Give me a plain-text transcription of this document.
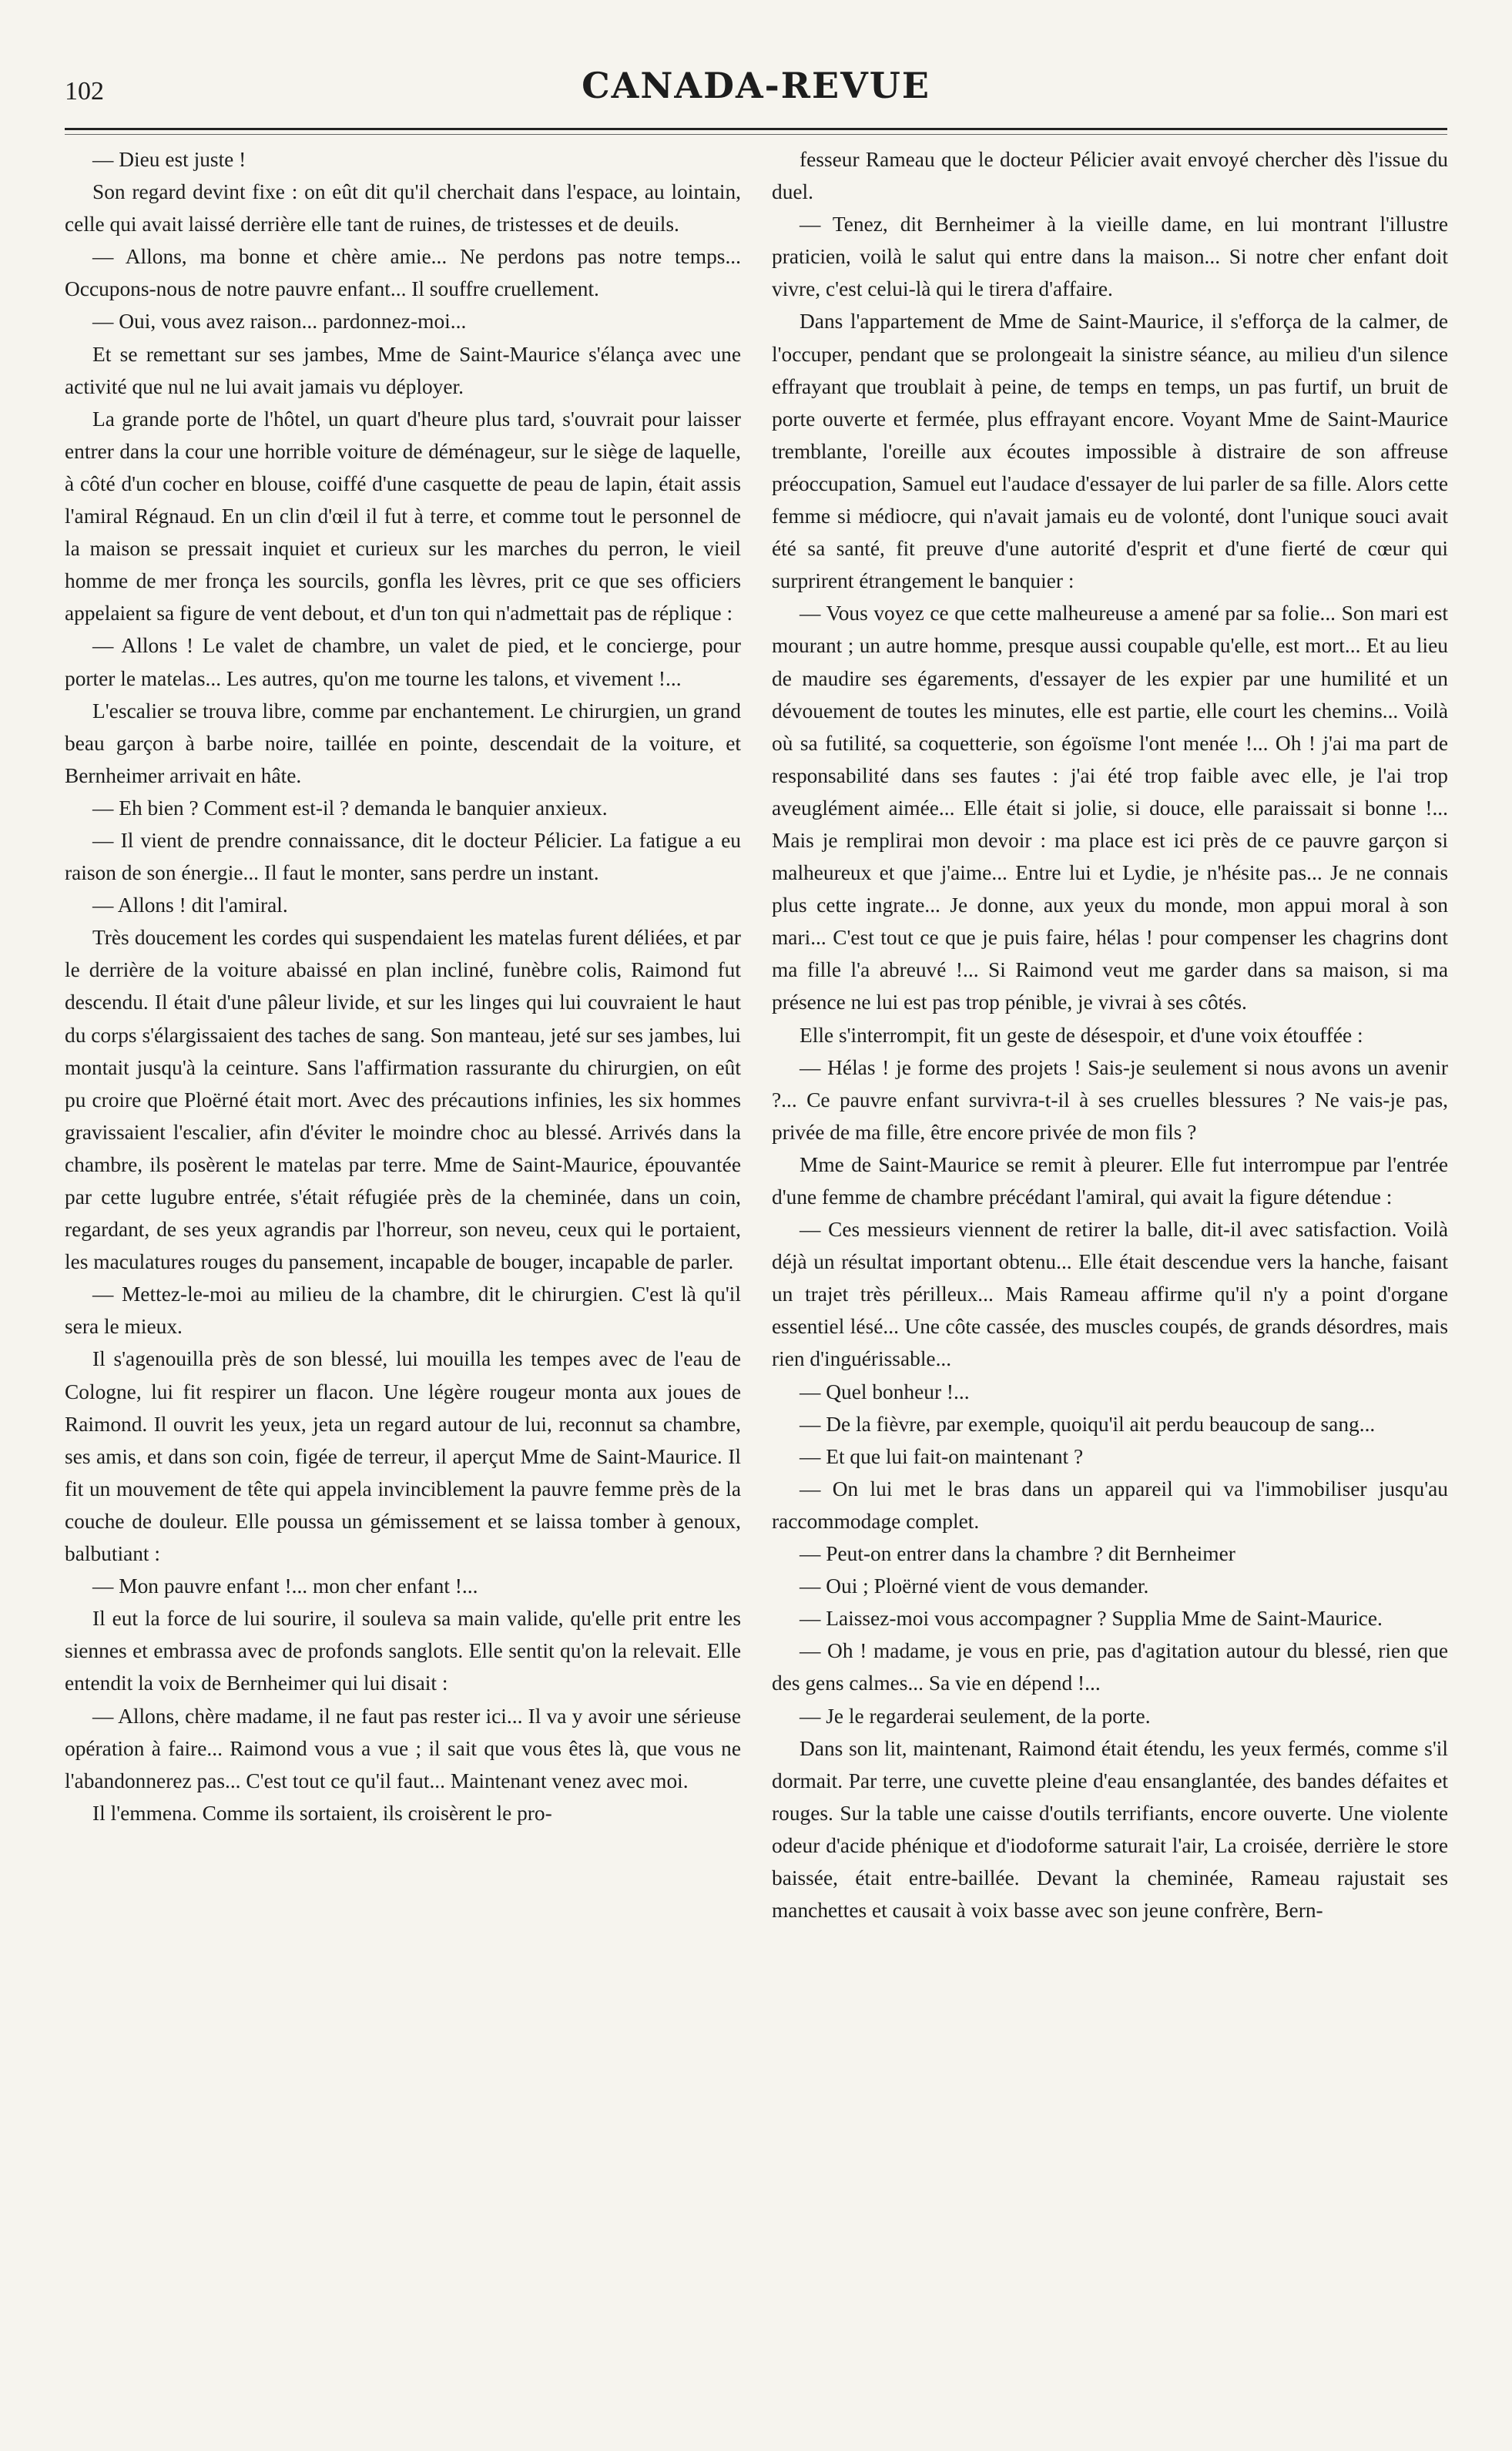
102	CANADA-REVUE

— Dieu est juste !

Son regard devint fixe : on eût dit qu'il cherchait dans l'espace, au lointain, celle qui avait laissé derrière elle tant de ruines, de tristesses et de deuils.

— Allons, ma bonne et chère amie... Ne perdons pas notre temps... Occupons-nous de notre pauvre enfant... Il souffre cruellement.

— Oui, vous avez raison... pardonnez-moi...

Et se remettant sur ses jambes, Mme de Saint-Maurice s'élança avec une activité que nul ne lui avait jamais vu déployer.

La grande porte de l'hôtel, un quart d'heure plus tard, s'ouvrait pour laisser entrer dans la cour une horrible voiture de déménageur, sur le siège de laquelle, à côté d'un cocher en blouse, coiffé d'une casquette de peau de lapin, était assis l'amiral Régnaud. En un clin d'œil il fut à terre, et comme tout le personnel de la maison se pressait inquiet et curieux sur les marches du perron, le vieil homme de mer fronça les sourcils, gonfla les lèvres, prit ce que ses officiers appelaient sa figure de vent debout, et d'un ton qui n'admettait pas de réplique :

— Allons ! Le valet de chambre, un valet de pied, et le concierge, pour porter le matelas... Les autres, qu'on me tourne les talons, et vivement !...

L'escalier se trouva libre, comme par enchantement. Le chirurgien, un grand beau garçon à barbe noire, taillée en pointe, descendait de la voiture, et Bernheimer arrivait en hâte.

— Eh bien ? Comment est-il ? demanda le banquier anxieux.

— Il vient de prendre connaissance, dit le docteur Pélicier. La fatigue a eu raison de son énergie... Il faut le monter, sans perdre un instant.

— Allons ! dit l'amiral.

Très doucement les cordes qui suspendaient les matelas furent déliées, et par le derrière de la voiture abaissé en plan incliné, funèbre colis, Raimond fut descendu. Il était d'une pâleur livide, et sur les linges qui lui couvraient le haut du corps s'élargissaient des taches de sang. Son manteau, jeté sur ses jambes, lui montait jusqu'à la ceinture. Sans l'affirmation rassurante du chirurgien, on eût pu croire que Ploërné était mort. Avec des précautions infinies, les six hommes gravissaient l'escalier, afin d'éviter le moindre choc au blessé. Arrivés dans la chambre, ils posèrent le matelas par terre. Mme de Saint-Maurice, épouvantée par cette lugubre entrée, s'était réfugiée près de la cheminée, dans un coin, regardant, de ses yeux agrandis par l'horreur, son neveu, ceux qui le portaient, les maculatures rouges du pansement, incapable de bouger, incapable de parler.

— Mettez-le-moi au milieu de la chambre, dit le chirurgien. C'est là qu'il sera le mieux.

Il s'agenouilla près de son blessé, lui mouilla les tempes avec de l'eau de Cologne, lui fit respirer un flacon. Une légère rougeur monta aux joues de Raimond. Il ouvrit les yeux, jeta un regard autour de lui, reconnut sa chambre, ses amis, et dans son coin, figée de terreur, il aperçut Mme de Saint-Maurice. Il fit un mouvement de tête qui appela invinciblement la pauvre femme près de la couche de douleur. Elle poussa un gémissement et se laissa tomber à genoux, balbutiant :

— Mon pauvre enfant !... mon cher enfant !...

Il eut la force de lui sourire, il souleva sa main valide, qu'elle prit entre les siennes et embrassa avec de profonds sanglots. Elle sentit qu'on la relevait. Elle entendit la voix de Bernheimer qui lui disait :

— Allons, chère madame, il ne faut pas rester ici... Il va y avoir une sérieuse opération à faire... Raimond vous a vue ; il sait que vous êtes là, que vous ne l'abandonnerez pas... C'est tout ce qu'il faut... Maintenant venez avec moi.

Il l'emmena. Comme ils sortaient, ils croisèrent le pro-

fesseur Rameau que le docteur Pélicier avait envoyé chercher dès l'issue du duel.

— Tenez, dit Bernheimer à la vieille dame, en lui montrant l'illustre praticien, voilà le salut qui entre dans la maison... Si notre cher enfant doit vivre, c'est celui-là qui le tirera d'affaire.

Dans l'appartement de Mme de Saint-Maurice, il s'efforça de la calmer, de l'occuper, pendant que se prolongeait la sinistre séance, au milieu d'un silence effrayant que troublait à peine, de temps en temps, un pas furtif, un bruit de porte ouverte et fermée, plus effrayant encore. Voyant Mme de Saint-Maurice tremblante, l'oreille aux écoutes impossible à distraire de son affreuse préoccupation, Samuel eut l'audace d'essayer de lui parler de sa fille. Alors cette femme si médiocre, qui n'avait jamais eu de volonté, dont l'unique souci avait été sa santé, fit preuve d'une autorité d'esprit et d'une fierté de cœur qui surprirent étrangement le banquier :

— Vous voyez ce que cette malheureuse a amené par sa folie... Son mari est mourant ; un autre homme, presque aussi coupable qu'elle, est mort... Et au lieu de maudire ses égarements, d'essayer de les expier par une humilité et un dévouement de toutes les minutes, elle est partie, elle court les chemins... Voilà où sa futilité, sa coquetterie, son égoïsme l'ont menée !... Oh ! j'ai ma part de responsabilité dans ses fautes : j'ai été trop faible avec elle, je l'ai trop aveuglément aimée... Elle était si jolie, si douce, elle paraissait si bonne !... Mais je remplirai mon devoir : ma place est ici près de ce pauvre garçon si malheureux et que j'aime... Entre lui et Lydie, je n'hésite pas... Je ne connais plus cette ingrate... Je donne, aux yeux du monde, mon appui moral à son mari... C'est tout ce que je puis faire, hélas ! pour compenser les chagrins dont ma fille l'a abreuvé !... Si Raimond veut me garder dans sa maison, si ma présence ne lui est pas trop pénible, je vivrai à ses côtés.

Elle s'interrompit, fit un geste de désespoir, et d'une voix étouffée :

— Hélas ! je forme des projets ! Sais-je seulement si nous avons un avenir ?... Ce pauvre enfant survivra-t-il à ses cruelles blessures ? Ne vais-je pas, privée de ma fille, être encore privée de mon fils ?

Mme de Saint-Maurice se remit à pleurer. Elle fut interrompue par l'entrée d'une femme de chambre précédant l'amiral, qui avait la figure détendue :

— Ces messieurs viennent de retirer la balle, dit-il avec satisfaction. Voilà déjà un résultat important obtenu... Elle était descendue vers la hanche, faisant un trajet très périlleux... Mais Rameau affirme qu'il n'y a point d'organe essentiel lésé... Une côte cassée, des muscles coupés, de grands désordres, mais rien d'inguérissable...

— Quel bonheur !...

— De la fièvre, par exemple, quoiqu'il ait perdu beaucoup de sang...

— Et que lui fait-on maintenant ?

— On lui met le bras dans un appareil qui va l'immobiliser jusqu'au raccommodage complet.

— Peut-on entrer dans la chambre ? dit Bernheimer

— Oui ; Ploërné vient de vous demander.

— Laissez-moi vous accompagner ? Supplia Mme de Saint-Maurice.

— Oh ! madame, je vous en prie, pas d'agitation autour du blessé, rien que des gens calmes... Sa vie en dépend !...

— Je le regarderai seulement, de la porte.

Dans son lit, maintenant, Raimond était étendu, les yeux fermés, comme s'il dormait. Par terre, une cuvette pleine d'eau ensanglantée, des bandes défaites et rouges. Sur la table une caisse d'outils terrifiants, encore ouverte. Une violente odeur d'acide phénique et d'iodoforme saturait l'air, La croisée, derrière le store baissée, était entre-baillée. Devant la cheminée, Rameau rajustait ses manchettes et causait à voix basse avec son jeune confrère, Bern-
